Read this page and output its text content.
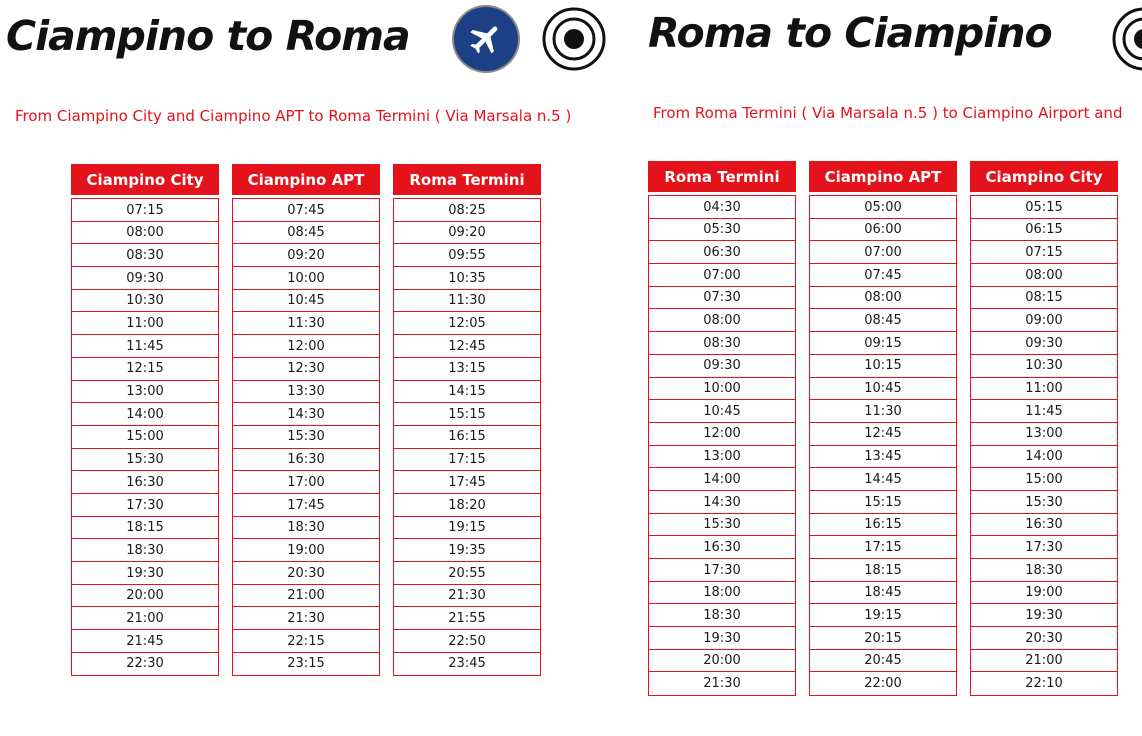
Ciampino to Roma
From Ciampino City and Ciampino APT to Roma Termini ( Via Marsala n.5 )
Ciampino City
07:15
08:00
08:30
09:30
10:30
11:00
11:45
12:15
13:00
14:00
15:00
15:30
16:30
17:30
18:15
18:30
19:30
20:00
21:00
21:45
22:30
Ciampino APT
07:45
08:45
09:20
10:00
10:45
11:30
12:00
12:30
13:30
14:30
15:30
16:30
17:00
17:45
18:30
19:00
20:30
21:00
21:30
22:15
23:15
Roma Termini
08:25
09:20
09:55
10:35
11:30
12:05
12:45
13:15
14:15
15:15
16:15
17:15
17:45
18:20
19:15
19:35
20:55
21:30
21:55
22:50
23:45
Roma to Ciampino
From Roma Termini ( Via Marsala n.5 ) to Ciampino Airport and
Roma Termini
04:30
05:30
06:30
07:00
07:30
08:00
08:30
09:30
10:00
10:45
12:00
13:00
14:00
14:30
15:30
16:30
17:30
18:00
18:30
19:30
20:00
21:30
Ciampino APT
05:00
06:00
07:00
07:45
08:00
08:45
09:15
10:15
10:45
11:30
12:45
13:45
14:45
15:15
16:15
17:15
18:15
18:45
19:15
20:15
20:45
22:00
Ciampino City
05:15
06:15
07:15
08:00
08:15
09:00
09:30
10:30
11:00
11:45
13:00
14:00
15:00
15:30
16:30
17:30
18:30
19:00
19:30
20:30
21:00
22:10
